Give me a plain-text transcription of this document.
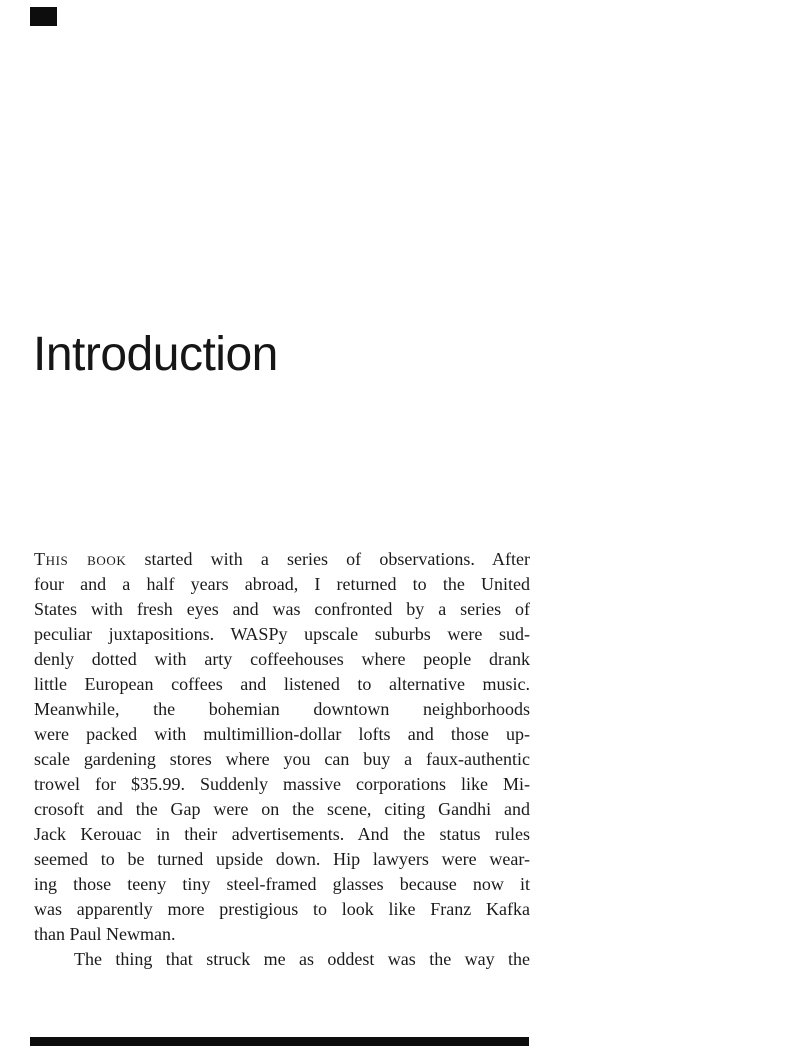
Introduction
This book started with a series of observations. After
four and a half years abroad, I returned to the United
States with fresh eyes and was confronted by a series of
peculiar juxtapositions. WASPy upscale suburbs were sud-
denly dotted with arty coffeehouses where people drank
little European coffees and listened to alternative music.
Meanwhile, the bohemian downtown neighborhoods
were packed with multimillion-dollar lofts and those up-
scale gardening stores where you can buy a faux-authentic
trowel for $35.99. Suddenly massive corporations like Mi-
crosoft and the Gap were on the scene, citing Gandhi and
Jack Kerouac in their advertisements. And the status rules
seemed to be turned upside down. Hip lawyers were wear-
ing those teeny tiny steel-framed glasses because now it
was apparently more prestigious to look like Franz Kafka
than Paul Newman.
The thing that struck me as oddest was the way the
